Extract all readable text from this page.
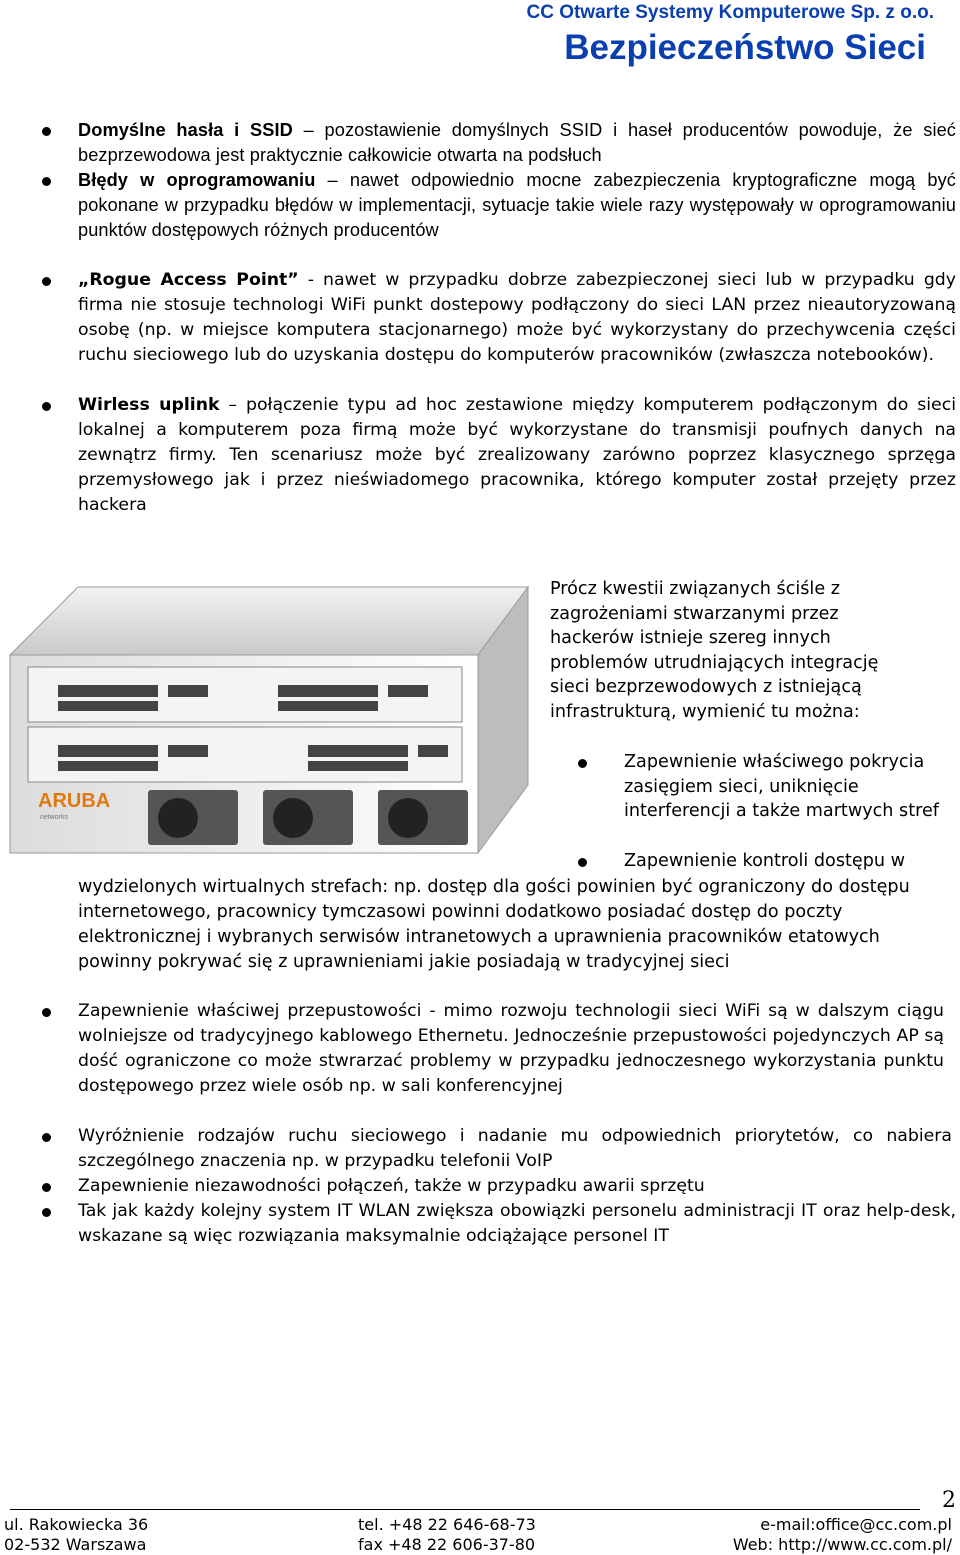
CC Otwarte Systemy Komputerowe Sp. z o.o.
Bezpieczeństwo Sieci
Domyślne hasła i SSID – pozostawienie domyślnych SSID i haseł producentów powoduje, że sieć bezprzewodowa jest praktycznie całkowicie otwarta na podsłuch
Błędy w oprogramowaniu – nawet odpowiednio mocne zabezpieczenia kryptograficzne mogą być pokonane w przypadku błędów w implementacji, sytuacje takie wiele razy występowały w oprogramowaniu punktów dostępowych różnych producentów
„Rogue Access Point” - nawet w przypadku dobrze zabezpieczonej sieci lub w przypadku gdy firma nie stosuje technologi WiFi punkt dostepowy podłączony do sieci LAN przez nieautoryzowaną osobę (np. w miejsce komputera stacjonarnego) może być wykorzystany do przechywcenia części ruchu sieciowego lub do uzyskania dostępu do komputerów pracowników (zwłaszcza notebooków).
Wirless uplink – połączenie typu ad hoc zestawione między komputerem podłączonym do sieci lokalnej a komputerem poza firmą może być wykorzystane do transmisji poufnych danych na zewnątrz firmy. Ten scenariusz może być zrealizowany zarówno poprzez klasycznego sprzęga przemysłowego jak i przez nieświadomego pracownika, którego komputer został przejęty przez hackera
ARUBA
networks
Prócz kwestii związanych ściśle z zagrożeniami stwarzanymi przez hackerów istnieje szereg innych problemów utrudniających integrację sieci bezprzewodowych z istniejącą infrastrukturą, wymienić tu można:
Zapewnienie właściwego pokrycia zasięgiem sieci, uniknięcie interferencji a także martwych stref
Zapewnienie kontroli dostępu w
wydzielonych wirtualnych strefach: np. dostęp dla gości powinien być ograniczony do dostępu internetowego, pracownicy tymczasowi powinni dodatkowo posiadać dostęp do poczty elektronicznej i wybranych serwisów intranetowych a uprawnienia pracowników etatowych powinny pokrywać się z uprawnieniami jakie posiadają w tradycyjnej sieci
Zapewnienie właściwej przepustowości - mimo rozwoju technologii sieci WiFi są w dalszym ciągu wolniejsze od tradycyjnego kablowego Ethernetu. Jednocześnie przepustowości pojedynczych AP są dość ograniczone co może stwrarzać problemy w przypadku jednoczesnego wykorzystania punktu dostępowego przez wiele osób np. w sali konferencyjnej
Wyróżnienie rodzajów ruchu sieciowego i nadanie mu odpowiednich priorytetów, co nabiera szczególnego znaczenia np. w przypadku telefonii VoIP
Zapewnienie niezawodności połączeń, także w przypadku awarii sprzętu
Tak jak każdy kolejny system IT WLAN zwiększa obowiązki personelu administracji IT oraz help-desk, wskazane są więc rozwiązania maksymalnie odciążające personel IT
2
ul. Rakowiecka 36
02-532 Warszawa
tel. +48 22 646-68-73
fax +48 22 606-37-80
e-mail:office@cc.com.pl
Web: http://www.cc.com.pl/
